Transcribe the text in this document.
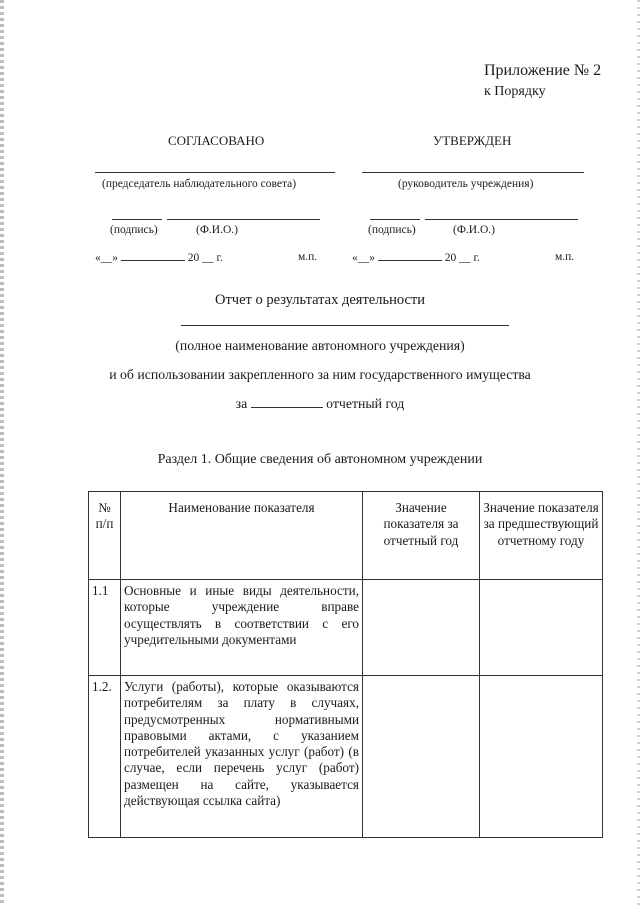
Приложение № 2
к Порядку
СОГЛАСОВАНО
(председатель наблюдательного совета)
(подпись)	(Ф.И.О.)
«__»	20 __ г.	м.п.
УТВЕРЖДЕН
(руководитель учреждения)
(подпись)	(Ф.И.О.)
«__»	20 __ г.	м.п.
Отчет о результатах деятельности
(полное наименование автономного учреждения)
и об использовании закрепленного за ним государственного имущества
за	отчетный год
Раздел 1. Общие сведения об автономном учреждении
№ п/п	Наименование показателя	Значение показателя за отчетный год	Значение показателя за предшествующий отчетному году
1.1	Основные и иные виды деятельности, которые учреждение вправе осуществлять в соответствии с его учредительными документами		
1.2.	Услуги (работы), которые оказываются потребителям за плату в случаях, предусмотренных нормативными правовыми актами, с указанием потребителей указанных услуг (работ) (в случае, если перечень услуг (работ) размещен на сайте, указывается действующая ссылка сайта)		
